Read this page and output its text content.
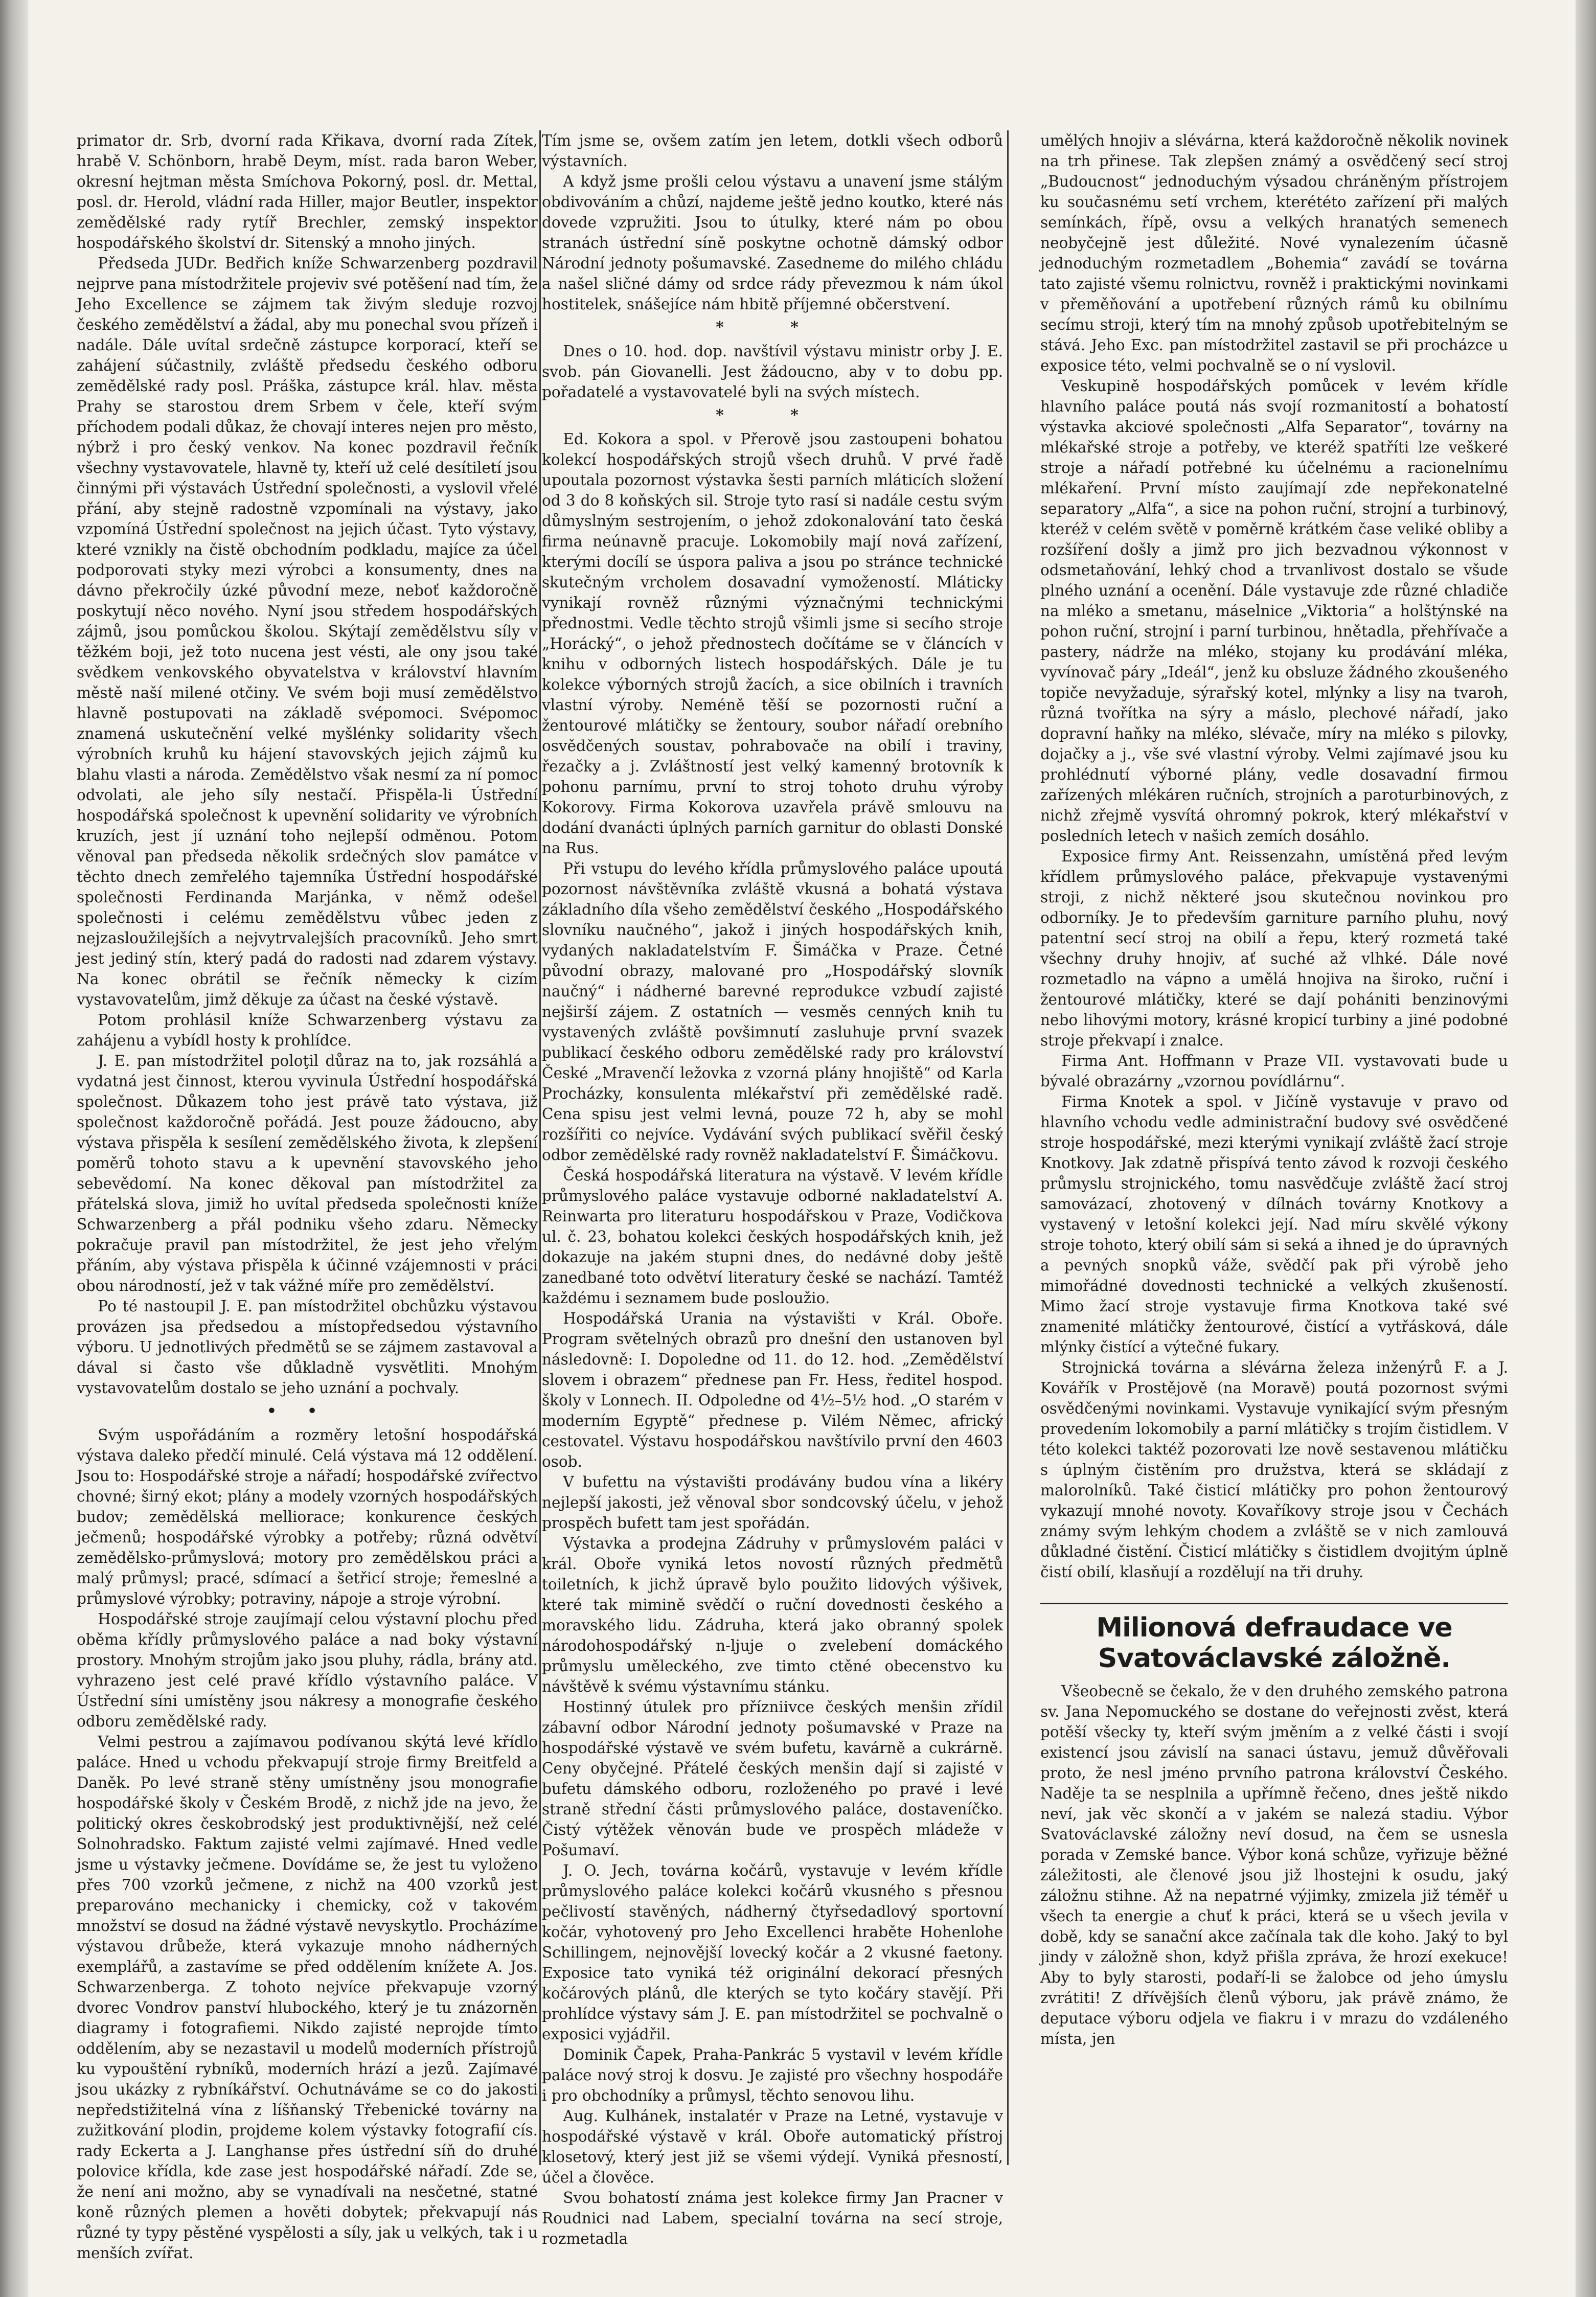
primator dr. Srb, dvorní rada Křikava, dvorní rada Zítek, hrabě V. Schönborn, hrabě Deym, míst. rada baron Weber, okresní hejtman města Smíchova Pokorný, posl. dr. Mettal, posl. dr. Herold, vládní rada Hiller, major Beutler, inspektor zemědělské rady rytíř Brechler, zemský inspektor hospodářského školství dr. Sitenský a mnoho jiných.

Předseda JUDr. Bedřich kníže Schwarzenberg pozdravil nejprve pana místodržitele projeviv své potěšení nad tím, že Jeho Excellence se zájmem tak živým sleduje rozvoj českého zemědělství a žádal, aby mu ponechal svou přízeň i nadále. Dále uvítal srdečně zástupce korporací, kteří se zahájení súčastnily, zvláště předsedu českého odboru zemědělské rady posl. Práška, zástupce král. hlav. města Prahy se starostou drem Srbem v čele, kteří svým příchodem podali důkaz, že chovají interes nejen pro město, nýbrž i pro český venkov. Na konec pozdravil řečník všechny vystavovatele, hlavně ty, kteří už celé desítiletí jsou činnými při výstavách Ústřední společnosti, a vyslovil vřelé přání, aby stejně radostně vzpomínali na výstavy, jako vzpomíná Ústřední společnost na jejich účast. Tyto výstavy, které vznikly na čistě obchodním podkladu, majíce za účel podporovati styky mezi výrobci a konsumenty, dnes na dávno překročily úzké původní meze, neboť každoročně poskytují něco nového. Nyní jsou středem hospodářských zájmů, jsou pomůckou školou. Skýtají zemědělstvu síly v těžkém boji, jež toto nucena jest vésti, ale ony jsou také svědkem venkovského obyvatelstva v království hlavním městě naší milené otčiny. Ve svém boji musí zemědělstvo hlavně postupovati na základě svépomoci. Svépomoc znamená uskutečnění velké myšlénky solidarity všech výrobních kruhů ku hájení stavovských jejich zájmů ku blahu vlasti a národa. Zemědělstvo však nesmí za ní pomoc odvolati, ale jeho síly nestačí. Přispěla-li Ústřední hospodářská společnost k upevnění solidarity ve výrobních kruzích, jest jí uznání toho nejlepší odměnou. Potom věnoval pan předseda několik srdečných slov památce v těchto dnech zemřelého tajemníka Ústřední hospodářské společnosti Ferdinanda Marjánka, v němž odešel společnosti i celému zemědělstvu vůbec jeden z nejzasloužilejších a nejvytrvalejších pracovníků. Jeho smrt jest jediný stín, který padá do radosti nad zdarem výstavy. Na konec obrátil se řečník německy k cizím vystavovatelům, jimž děkuje za účast na české výstavě.

Potom prohlásil kníže Schwarzenberg výstavu za zahájenu a vybídl hosty k prohlídce.

J. E. pan místodržitel poloţil důraz na to, jak rozsáhlá a vydatná jest činnost, kterou vyvinula Ústřední hospodářská společnost. Důkazem toho jest právě tato výstava, již společnost každoročně pořádá. Jest pouze žádoucno, aby výstava přispěla k sesílení zemědělského života, k zlepšení poměrů tohoto stavu a k upevnění stavovského jeho sebevědomí. Na konec děkoval pan místodržitel za přátelská slova, jimiž ho uvítal předseda společnosti kníže Schwarzenberg a přál podniku všeho zdaru. Německy pokračuje pravil pan místodržitel, že jest jeho vřelým přáním, aby výstava přispěla k účinné vzájemnosti v práci obou národností, jež v tak vážné míře pro zemědělství.

Po té nastoupil J. E. pan místodržitel obchůzku výstavou provázen jsa předsedou a místopředsedou výstavního výboru. U jednotlivých předmětů se se zájmem zastavoval a dával si často vše důkladně vysvětliti. Mnohým vystavovatelům dostalo se jeho uznání a pochvaly.

••

Svým uspořádáním a rozměry letošní hospodářská výstava daleko předčí minulé. Celá výstava má 12 oddělení. Jsou to: Hospodářské stroje a nářadí; hospodářské zvířectvo chovné; širný ekot; plány a modely vzorných hospodářských budov; zemědělská melliorace; konkurence českých ječmenů; hospodářské výrobky a potřeby; různá odvětví zemědělsko-průmyslová; motory pro zemědělskou práci a malý průmysl; pracé, sdímací a šetřicí stroje; řemeslné a průmyslové výrobky; potraviny, nápoje a stroje výrobní.

Hospodářské stroje zaujímají celou výstavní plochu před oběma křídly průmyslového paláce a nad boky výstavní prostory. Mnohým strojům jako jsou pluhy, rádla, brány atd. vyhrazeno jest celé pravé křídlo výstavního paláce. V Ústřední síni umístěny jsou nákresy a monografie českého odboru zemědělské rady.

Velmi pestrou a zajímavou podívanou skýtá levé křídlo paláce. Hned u vchodu překvapují stroje firmy Breitfeld a Daněk. Po levé straně stěny umístněny jsou monografie hospodářské školy v Českém Brodě, z nichž jde na jevo, že politický okres českobrodský jest produktivnější, než celé Solnohradsko. Faktum zajisté velmi zajímavé. Hned vedle jsme u výstavky ječmene. Dovídáme se, že jest tu vyloženo přes 700 vzorků ječmene, z nichž na 400 vzorků jest preparováno mechanicky i chemicky, což v takovém množství se dosud na žádné výstavě nevyskytlo. Procházíme výstavou drůbeže, která vykazuje mnoho nádherných exemplářů, a zastavíme se před oddělením knížete A. Jos. Schwarzenberga. Z tohoto nejvíce překvapuje vzorný dvorec Vondrov panství hlubockého, který je tu znázorněn diagramy i fotografiemi. Nikdo zajisté neprojde tímto oddělením, aby se nezastavil u modelů moderních přístrojů ku vypouštění rybníků, moderních hrází a jezů. Zajímavé jsou ukázky z rybníkářství. Ochutnáváme se co do jakosti nepředstižitelná vína z líšňanský Třebenické továrny na zužitkování plodin, projdeme kolem výstavky fotografií cís. rady Eckerta a J. Langhanse přes ústřední síň do druhé polovice křídla, kde zase jest hospodářské nářadí. Zde se, že není ani možno, aby se vynadívali na nesčetné, statné koně různých plemen a hověti dobytek; překvapují nás různé ty typy pěstěné vyspělosti a síly, jak u velkých, tak i u menších zvířat.

Tím jsme se, ovšem zatím jen letem, dotkli všech odborů výstavních.

A když jsme prošli celou výstavu a unavení jsme stálým obdivováním a chůzí, najdeme ještě jedno koutko, které nás dovede vzpružiti. Jsou to útulky, které nám po obou stranách ústřední síně poskytne ochotně dámský odbor Národní jednoty pošumavské. Zasedneme do milého chládu a našel sličné dámy od srdce rády převezmou k nám úkol hostitelek, snášejíce nám hbitě příjemné občerstvení.

* *

Dnes o 10. hod. dop. navštívil výstavu ministr orby J. E. svob. pán Giovanelli. Jest žádoucno, aby v to dobu pp. pořadatelé a vystavovatelé byli na svých místech.

* *

Ed. Kokora a spol. v Přerově jsou zastoupeni bohatou kolekcí hospodářských strojů všech druhů. V prvé řadě upoutala pozornost výstavka šesti parních mláticích složení od 3 do 8 koňských sil. Stroje tyto rasí si nadále cestu svým důmyslným sestrojením, o jehož zdokonalování tato česká firma neúnavně pracuje. Lokomobily mají nová zařízení, kterými docílí se úspora paliva a jsou po stránce technické skutečným vrcholem dosavadní vymožeností. Mláticky vynikají rovněž různými význačnými technickými přednostmi. Vedle těchto strojů všimli jsme si secího stroje „Horácký“, o jehož přednostech dočítáme se v článcích v knihu v odborných listech hospodářských. Dále je tu kolekce výborných strojů žacích, a sice obilních i travních vlastní výroby. Neméně těší se pozornosti ruční a žentourové mlátičky se žentoury, soubor nářadí orebního osvědčených soustav, pohrabovače na obilí i traviny, řezačky a j. Zvláštností jest velký kamenný brotovník k pohonu parnímu, první to stroj tohoto druhu výroby Kokorovy. Firma Kokorova uzavřela právě smlouvu na dodání dvanácti úplných parních garnitur do oblasti Donské na Rus.

Při vstupu do levého křídla průmyslového paláce upoutá pozornost návštěvníka zvláště vkusná a bohatá výstava základního díla všeho zemědělství českého „Hospodářského slovníku naučného“, jakož i jiných hospodářských knih, vydaných nakladatelstvím F. Šimáčka v Praze. Četné původní obrazy, malované pro „Hospodářský slovník naučný“ i nádherné barevné reprodukce vzbudí zajisté nejširší zájem. Z ostatních — vesměs cenných knih tu vystavených zvláště povšimnutí zasluhuje první svazek publikací českého odboru zemědělské rady pro království České „Mravenčí ležovka z vzorná plány hnojiště“ od Karla Procházky, konsulenta mlékařství při zemědělské radě. Cena spisu jest velmi levná, pouze 72 h, aby se mohl rozšířiti co nejvíce. Vydávání svých publikací svěřil český odbor zemědělské rady rovněž nakladatelství F. Šimáčkovu.

Česká hospodářská literatura na výstavě. V levém křídle průmyslového paláce vystavuje odborné nakladatelství A. Reinwarta pro literaturu hospodářskou v Praze, Vodičkova ul. č. 23, bohatou kolekci českých hospodářských knih, jež dokazuje na jakém stupni dnes, do nedávné doby ještě zanedbané toto odvětví literatury české se nachází. Tamtéž každému i seznamem bude posloužio.

Hospodářská Urania na výstavišti v Král. Oboře. Program světelných obrazů pro dnešní den ustanoven byl následovně: I. Dopoledne od 11. do 12. hod. „Zemědělství slovem i obrazem“ přednese pan Fr. Hess, ředitel hospod. školy v Lonnech. II. Odpoledne od 4½–5½ hod. „O starém v moderním Egyptě“ přednese p. Vilém Němec, africký cestovatel. Výstavu hospodářskou navštívilo první den 4603 osob.

V bufettu na výstavišti prodávány budou vína a likéry nejlepší jakosti, jež věnoval sbor sondcovský účelu, v jehož prospěch bufett tam jest spořádán.

Výstavka a prodejna Zádruhy v průmyslovém paláci v král. Oboře vyniká letos novostí různých předmětů toiletních, k jichž úpravě bylo použito lidových výšivek, které tak mimině svědčí o ruční dovednosti českého a moravského lidu. Zádruha, která jako obranný spolek národohospodářský n-ljuje o zvelebení domáckého průmyslu uměleckého, zve timto ctěné obecenstvo ku návštěvě k svému výstavnímu stánku.

Hostinný útulek pro přízniivce českých menšin zřídil zábavní odbor Národní jednoty pošumavské v Praze na hospodářské výstavě ve svém bufetu, kavárně a cukrárně. Ceny obyčejné. Přátelé českých menšin dají si zajisté v bufetu dámského odboru, rozloženého po pravé i levé straně střední části průmyslového paláce, dostaveníčko. Čistý výtěžek věnován bude ve prospěch mládeže v Pošumaví.

J. O. Jech, továrna kočárů, vystavuje v levém křídle průmyslového paláce kolekci kočárů vkusného s přesnou pečlivostí stavěných, nádherný čtyřsedadlový sportovní kočár, vyhotovený pro Jeho Excellenci hraběte Hohenlohe Schillingem, nejnovější lovecký kočár a 2 vkusné faetony. Exposice tato vyniká též originální dekorací přesných kočárových plánů, dle kterých se tyto kočáry stavějí. Při prohlídce výstavy sám J. E. pan místodržitel se pochvalně o exposici vyjádřil.

Dominik Čapek, Praha-Pankrác 5 vystavil v levém křídle paláce nový stroj k dosvu. Je zajisté pro všechny hospodáře i pro obchodníky a průmysl, těchto senovou lihu.

Aug. Kulhánek, instalatér v Praze na Letné, vystavuje v hospodářské výstavě v král. Oboře automatický přístroj klosetový, který jest již se všemi výdejí. Vyniká přesností, účel a člověce.

Svou bohatostí známa jest kolekce firmy Jan Pracner v Roudnici nad Labem, specialní továrna na secí stroje, rozmetadla

umělých hnojiv a slévárna, která každoročně několik novinek na trh přinese. Tak zlepšen známý a osvědčený secí stroj „Budoucnost“ jednoduchým výsadou chráněným přístrojem ku současnému setí vrchem, kterététo zařízení při malých semínkách, řípě, ovsu a velkých hranatých semenech neobyčejně jest důležité. Nové vynalezením účasně jednoduchým rozmetadlem „Bohemia“ zavádí se továrna tato zajisté všemu rolnictvu, rovněž i praktickými novinkami v přeměňování a upotřebení různých rámů ku obilnímu secímu stroji, který tím na mnohý způsob upotřebitelným se stává. Jeho Exc. pan místodržitel zastavil se při procházce u exposice této, velmi pochvalně se o ní vyslovil.

Veskupině hospodářských pomůcek v levém křídle hlavního paláce poutá nás svojí rozmanitostí a bohatostí výstavka akciové společnosti „Alfa Separator“, továrny na mlékařské stroje a potřeby, ve kteréž spatříti lze veškeré stroje a nářadí potřebné ku účelnému a racionelnímu mlékaření. První místo zaujímají zde nepřekonatelné separatory „Alfa“, a sice na pohon ruční, strojní a turbinový, kteréž v celém světě v poměrně krátkém čase veliké obliby a rozšíření došly a jimž pro jich bezvadnou výkonnost v odsmetaňování, lehký chod a trvanlivost dostalo se všude plného uznání a ocenění. Dále vystavuje zde různé chladiče na mléko a smetanu, máselnice „Viktoria“ a holštýnské na pohon ruční, strojní i parní turbinou, hnětadla, přehřívače a pastery, nádrže na mléko, stojany ku prodávání mléka, vyvínovač páry „Ideál“, jenž ku obsluze žádného zkoušeného topiče nevyžaduje, sýrařský kotel, mlýnky a lisy na tvaroh, různá tvořítka na sýry a máslo, plechové nářadí, jako dopravní haňky na mléko, slévače, míry na mléko s pilovky, dojačky a j., vše své vlastní výroby. Velmi zajímavé jsou ku prohlédnutí výborné plány, vedle dosavadní firmou zařízených mlékáren ručních, strojních a paroturbinových, z nichž zřejmě vysvítá ohromný pokrok, který mlékařství v posledních letech v našich zemích dosáhlo.

Exposice firmy Ant. Reissenzahn, umístěná před levým křídlem průmyslového paláce, překvapuje vystavenými stroji, z nichž některé jsou skutečnou novinkou pro odborníky. Je to především garniture parního pluhu, nový patentní secí stroj na obilí a řepu, který rozmetá také všechny druhy hnojiv, ať suché až vlhké. Dále nové rozmetadlo na vápno a umělá hnojiva na široko, ruční i žentourové mlátičky, které se dají pohániti benzinovými nebo lihovými motory, krásné kropicí turbiny a jiné podobné stroje překvapí i znalce.

Firma Ant. Hoffmann v Praze VII. vystavovati bude u bývalé obrazárny „vzornou povídlárnu“.

Firma Knotek a spol. v Jičíně vystavuje v pravo od hlavního vchodu vedle administrační budovy své osvědčené stroje hospodářské, mezi kterými vynikají zvláště žací stroje Knotkovy. Jak zdatně přispívá tento závod k rozvoji českého průmyslu strojnického, tomu nasvědčuje zvláště žací stroj samovázací, zhotovený v dílnách továrny Knotkovy a vystavený v letošní kolekci její. Nad míru skvělé výkony stroje tohoto, který obilí sám si seká a ihned je do úpravných a pevných snopků váže, svědčí pak při výrobě jeho mimořádné dovednosti technické a velkých zkušeností. Mimo žací stroje vystavuje firma Knotkova také své znamenité mlátičky žentourové, čistící a vytřásková, dále mlýnky čistící a výtečné fukary.

Strojnická továrna a slévárna železa inženýrů F. a J. Kovářík v Prostějově (na Moravě) poutá pozornost svými osvědčenými novinkami. Vystavuje vynikající svým přesným provedením lokomobily a parní mlátičky s trojím čistidlem. V této kolekci taktéž pozorovati lze nově sestavenou mlátičku s úplným čistěním pro družstva, která se skládají z malorolníků. Také čisticí mlátičky pro pohon žentourový vykazují mnohé novoty. Kovaříkovy stroje jsou v Čechách známy svým lehkým chodem a zvláště se v nich zamlouvá důkladné čistění. Čisticí mlátičky s čistidlem dvojitým úplně čistí obilí, klasňují a rozdělují na tři druhy.

Milionová defraudace ve Svatováclavské záložně.

Všeobecně se čekalo, že v den druhého zemského patrona sv. Jana Nepomuckého se dostane do veřejnosti zvěst, která potěší všecky ty, kteří svým jměním a z velké části i svojí existencí jsou závislí na sanaci ústavu, jemuž důvěřovali proto, že nesl jméno prvního patrona království Českého. Naděje ta se nesplnila a upřímně řečeno, dnes ještě nikdo neví, jak věc skončí a v jakém se nalezá stadiu. Výbor Svatováclavské záložny neví dosud, na čem se usnesla porada v Zemské bance. Výbor koná schůze, vyřizuje běžné záležitosti, ale členové jsou již lhostejni k osudu, jaký záložnu stihne. Až na nepatrné výjimky, zmizela již téměř u všech ta energie a chuť k práci, která se u všech jevila v době, kdy se sanační akce začínala tak dle kohо. Jaký to byl jindy v záložně shon, když přišla zpráva, že hrozí exekuce! Aby to byly starosti, podaří-li se žalobce od jeho úmyslu zvrátiti! Z dřívějších členů výboru, jak právě známo, že deputace výboru odjela ve fiakru i v mrazu do vzdáleného místa, jen
